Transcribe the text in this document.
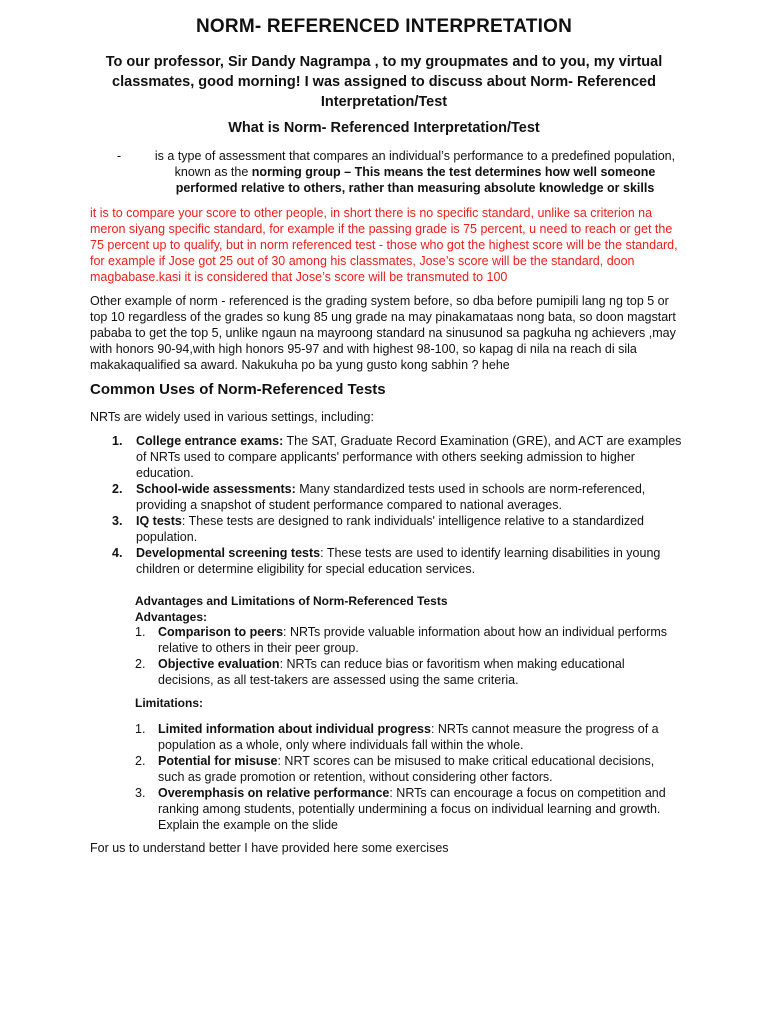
NORM- REFERENCED INTERPRETATION
To our professor, Sir Dandy Nagrampa , to my groupmates and to you, my virtual classmates, good morning! I was assigned to discuss about Norm- Referenced Interpretation/Test
What is Norm- Referenced Interpretation/Test
-	is a type of assessment that compares an individual’s performance to a predefined population, known as the norming group – This means the test determines how well someone performed relative to others, rather than measuring absolute knowledge or skills
it is to compare your score to other people, in short there is no specific standard, unlike sa criterion na meron siyang specific standard, for example if the passing grade is 75 percent, u need to reach or get the 75 percent up to qualify, but in norm referenced test - those who got the highest score will be the standard, for example if Jose got 25 out of 30 among his classmates, Jose’s score will be the standard, doon magbabase.kasi it is considered that Jose’s score will be transmuted to 100
Other example of norm - referenced is the grading system before, so dba before pumipili lang ng top 5 or top 10 regardless of the grades so kung 85 ung grade na may pinakamataas nong bata, so doon magstart pababa to get the top 5, unlike ngaun na mayroong standard na sinusunod sa pagkuha ng achievers ,may with honors 90-94,with high honors 95-97 and with highest 98-100, so kapag di nila na reach di sila makakaqualified sa award. Nakukuha po ba yung gusto kong sabhin ? hehe
Common Uses of Norm-Referenced Tests
NRTs are widely used in various settings, including:
1. College entrance exams: The SAT, Graduate Record Examination (GRE), and ACT are examples of NRTs used to compare applicants' performance with others seeking admission to higher education.
2. School-wide assessments: Many standardized tests used in schools are norm-referenced, providing a snapshot of student performance compared to national averages.
3. IQ tests: These tests are designed to rank individuals' intelligence relative to a standardized population.
4. Developmental screening tests: These tests are used to identify learning disabilities in young children or determine eligibility for special education services.
Advantages and Limitations of Norm-Referenced Tests
Advantages:
1. Comparison to peers: NRTs provide valuable information about how an individual performs relative to others in their peer group.
2. Objective evaluation: NRTs can reduce bias or favoritism when making educational decisions, as all test-takers are assessed using the same criteria.
Limitations:
1. Limited information about individual progress: NRTs cannot measure the progress of a population as a whole, only where individuals fall within the whole.
2. Potential for misuse: NRT scores can be misused to make critical educational decisions, such as grade promotion or retention, without considering other factors.
3. Overemphasis on relative performance: NRTs can encourage a focus on competition and ranking among students, potentially undermining a focus on individual learning and growth. Explain the example on the slide
For us to understand better I have provided here some exercises
